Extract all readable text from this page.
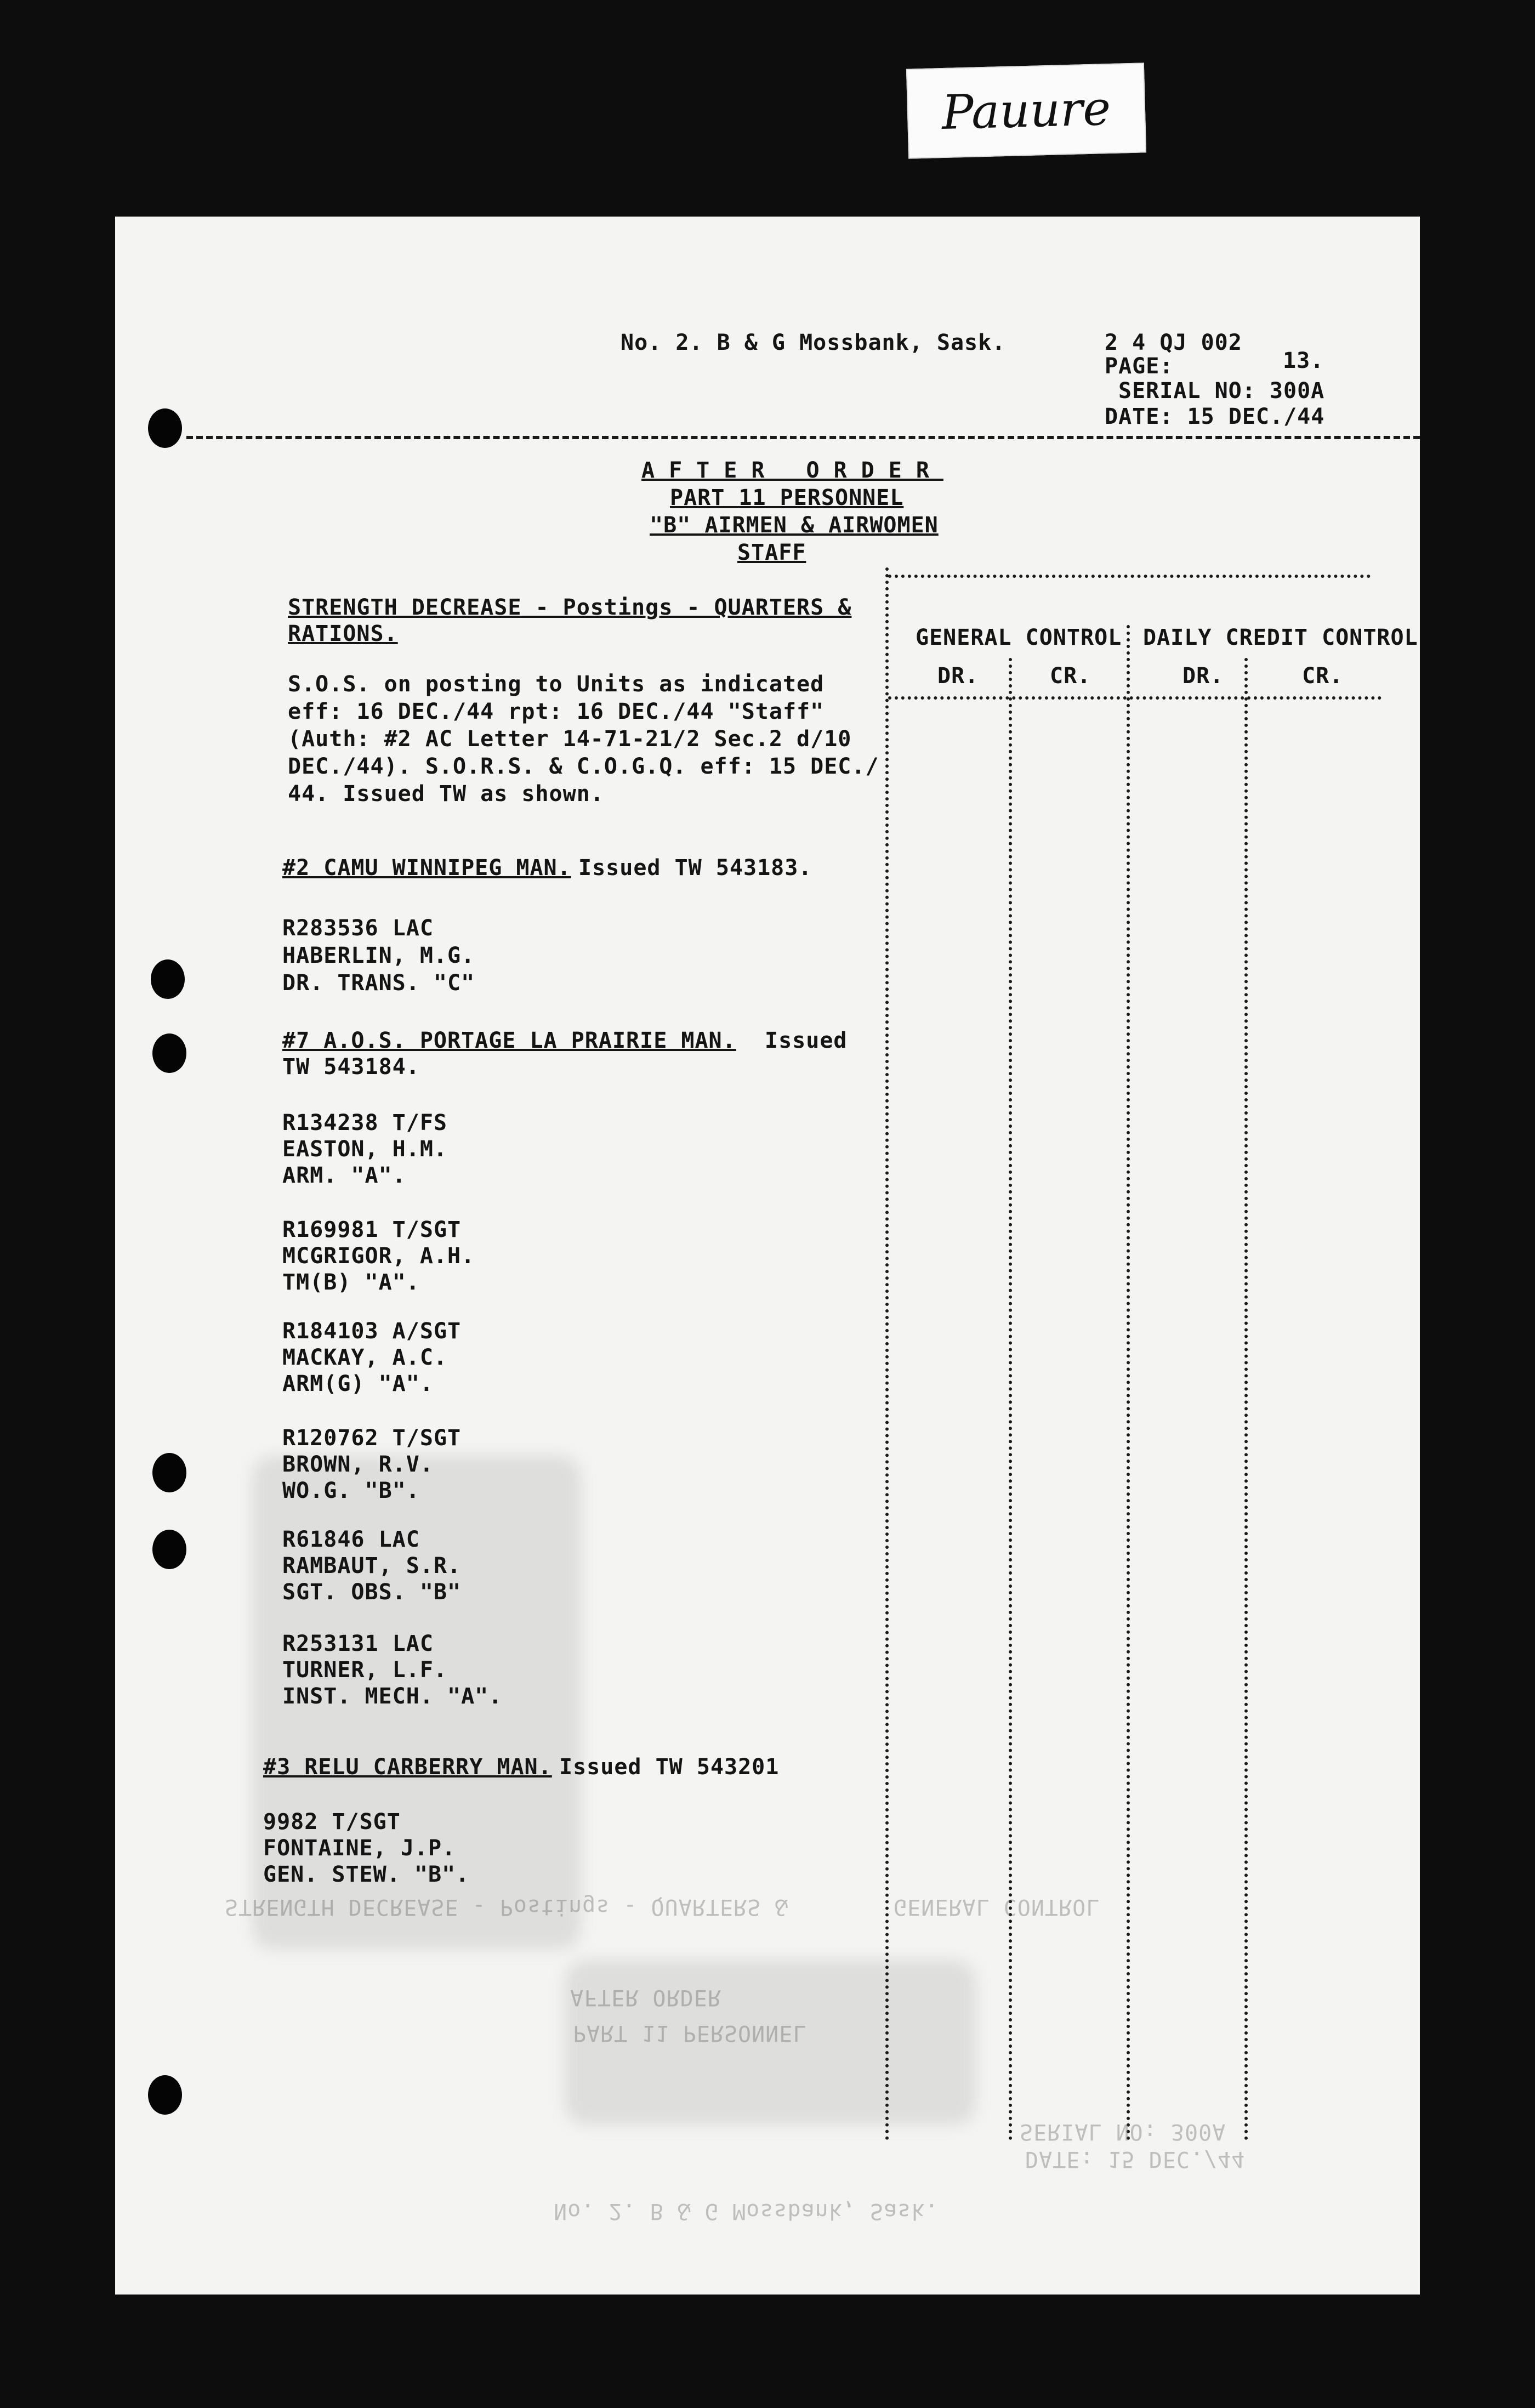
Pauure
No. 2. B & G Mossbank, Sask.	2 4 QJ 002
PAGE:	13.
SERIAL NO: 300A
DATE: 15 DEC./44
AFTER ORDER
PART 11 PERSONNEL
"B" AIRMEN & AIRWOMEN
STAFF
STRENGTH DECREASE - Postings - QUARTERS &
RATIONS.
S.O.S. on posting to Units as indicated
eff: 16 DEC./44 rpt: 16 DEC./44 "Staff"
(Auth: #2 AC Letter 14-71-21/2 Sec.2 d/10
DEC./44). S.O.R.S. & C.O.G.Q. eff: 15 DEC./
44. Issued TW as shown.
GENERAL CONTROL DAILY CREDIT CONTROL
DR.	CR.	DR.	CR.
#2 CAMU WINNIPEG MAN. Issued TW 543183.
R283536 LAC
HABERLIN, M.G.
DR. TRANS. "C"
#7 A.O.S. PORTAGE LA PRAIRIE MAN. Issued
TW 543184.
R134238 T/FS
EASTON, H.M.
ARM. "A".
R169981 T/SGT
MCGRIGOR, A.H.
TM(B) "A".
R184103 A/SGT
MACKAY, A.C.
ARM(G) "A".
R120762 T/SGT
BROWN, R.V.
WO.G. "B".
R61846 LAC
RAMBAUT, S.R.
SGT. OBS. "B"
R253131 LAC
TURNER, L.F.
INST. MECH. "A".
#3 RELU CARBERRY MAN. Issued TW 543201
9982 T/SGT
FONTAINE, J.P.
GEN. STEW. "B".
STRENGTH DECREASE - Postings - QUARTERS &	GENERAL CONTROL
AFTER ORDER
PART 11 PERSONNEL
No. 2. B & G Mossbank, Sask.
SERIAL NO: 300A
DATE: 15 DEC./44
